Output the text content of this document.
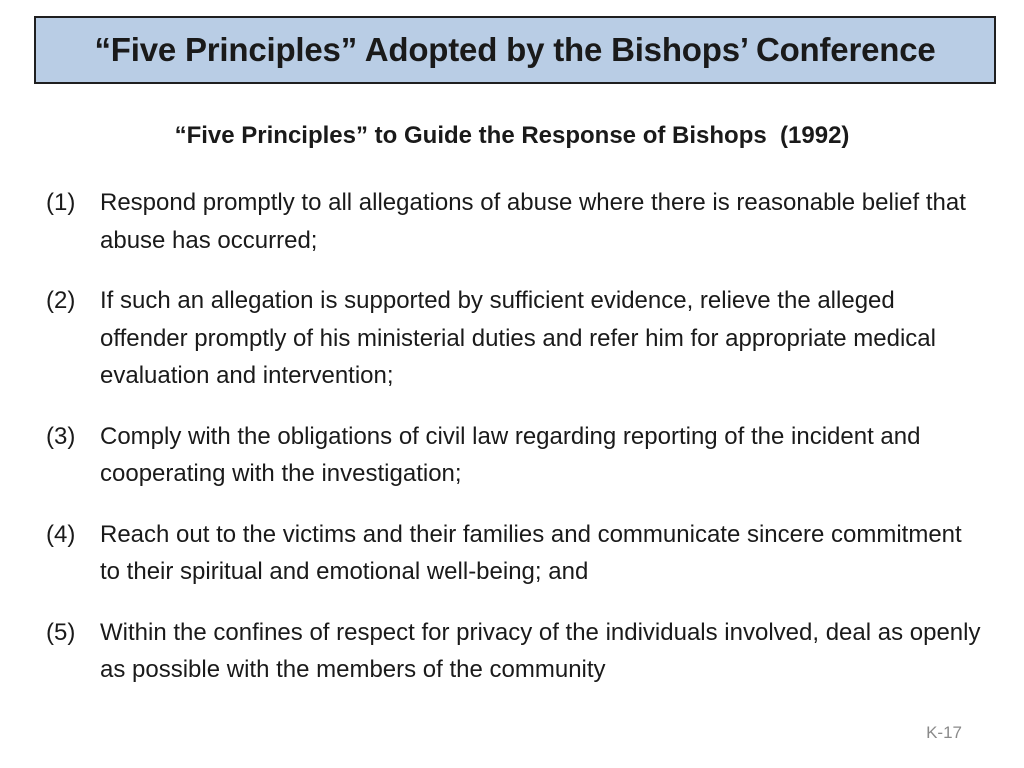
“Five Principles” Adopted by the Bishops’ Conference
“Five Principles” to Guide the Response of Bishops  (1992)
(1)	Respond promptly to all allegations of abuse where there is reasonable belief that abuse has occurred;
(2)	If such an allegation is supported by sufficient evidence, relieve the alleged offender promptly of his ministerial duties and refer him for appropriate medical evaluation and intervention;
(3)	Comply with the obligations of civil law regarding reporting of the incident and cooperating with the investigation;
(4)	Reach out to the victims and their families and communicate sincere commitment to their spiritual and emotional well-being; and
(5)	Within the confines of respect for privacy of the individuals involved, deal as openly as possible with the members of the community
K-17
